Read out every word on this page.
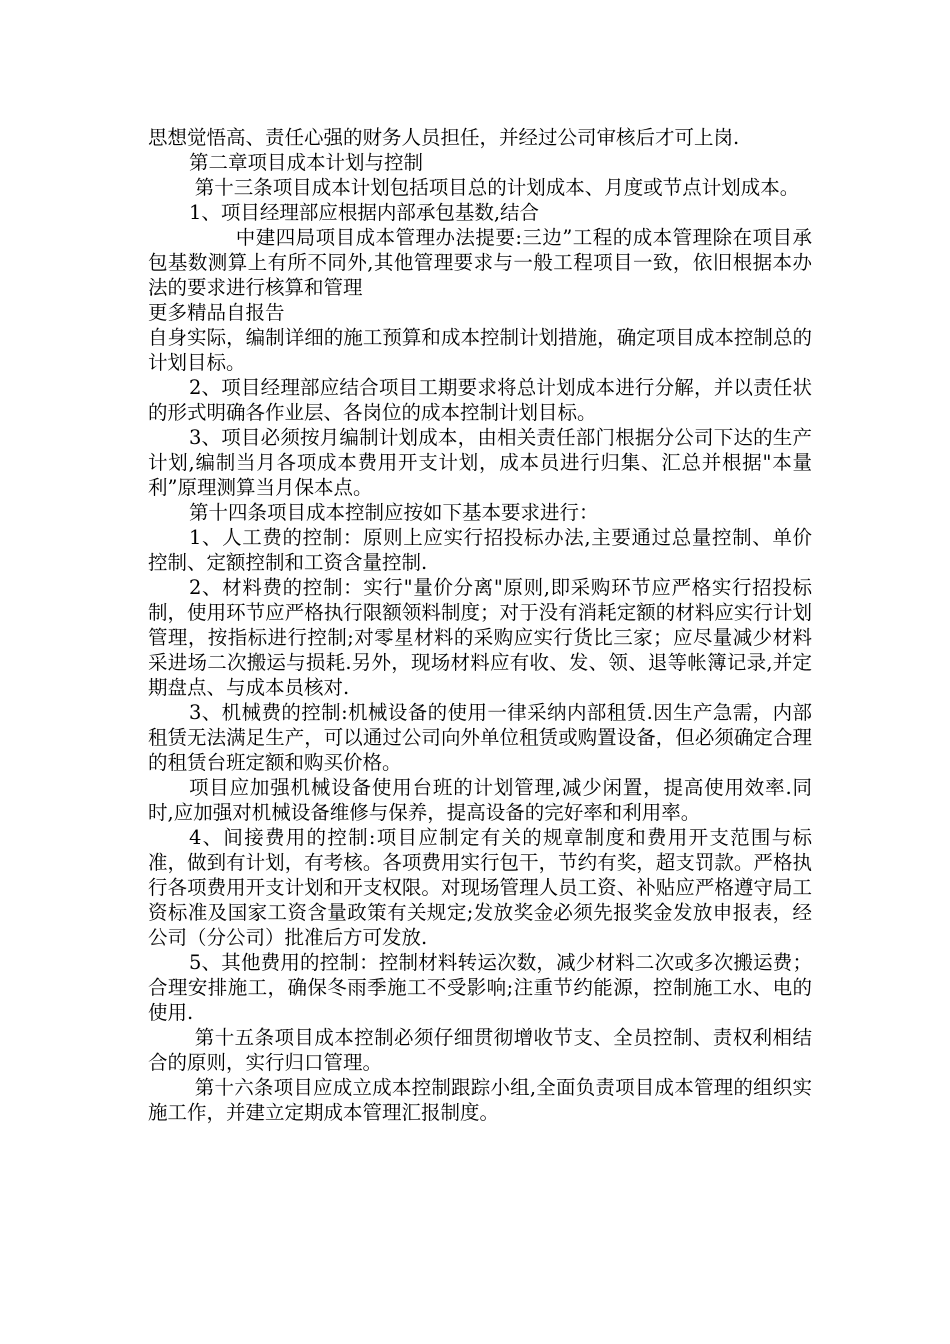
思想觉悟高、责任心强的财务人员担任，并经过公司审核后才可上岗.

第二章项目成本计划与控制

第十三条项目成本计划包括项目总的计划成本、月度或节点计划成本。

1、项目经理部应根据内部承包基数,结合

中建四局项目成本管理办法提要:三边”工程的成本管理除在项目承包基数测算上有所不同外,其他管理要求与一般工程项目一致，依旧根据本办法的要求进行核算和管理

更多精品自报告

自身实际，编制详细的施工预算和成本控制计划措施，确定项目成本控制总的计划目标。

2、项目经理部应结合项目工期要求将总计划成本进行分解，并以责任状的形式明确各作业层、各岗位的成本控制计划目标。

3、项目必须按月编制计划成本，由相关责任部门根据分公司下达的生产计划,编制当月各项成本费用开支计划，成本员进行归集、汇总并根据"本量利”原理测算当月保本点。

第十四条项目成本控制应按如下基本要求进行：

1、人工费的控制：原则上应实行招投标办法,主要通过总量控制、单价控制、定额控制和工资含量控制.

2、材料费的控制：实行"量价分离"原则,即采购环节应严格实行招投标制，使用环节应严格执行限额领料制度；对于没有消耗定额的材料应实行计划管理，按指标进行控制;对零星材料的采购应实行货比三家；应尽量减少材料采进场二次搬运与损耗.另外，现场材料应有收、发、领、退等帐簿记录,并定期盘点、与成本员核对.

3、机械费的控制:机械设备的使用一律采纳内部租赁.因生产急需，内部租赁无法满足生产，可以通过公司向外单位租赁或购置设备，但必须确定合理的租赁台班定额和购买价格。

项目应加强机械设备使用台班的计划管理,减少闲置，提高使用效率.同时,应加强对机械设备维修与保养，提高设备的完好率和利用率。

4、间接费用的控制:项目应制定有关的规章制度和费用开支范围与标准，做到有计划，有考核。各项费用实行包干，节约有奖，超支罚款。严格执行各项费用开支计划和开支权限。对现场管理人员工资、补贴应严格遵守局工资标准及国家工资含量政策有关规定;发放奖金必须先报奖金发放申报表，经公司（分公司）批准后方可发放.

5、其他费用的控制：控制材料转运次数，减少材料二次或多次搬运费；合理安排施工，确保冬雨季施工不受影响;注重节约能源，控制施工水、电的使用.

第十五条项目成本控制必须仔细贯彻增收节支、全员控制、责权利相结合的原则，实行归口管理。

第十六条项目应成立成本控制跟踪小组,全面负责项目成本管理的组织实施工作，并建立定期成本管理汇报制度。
